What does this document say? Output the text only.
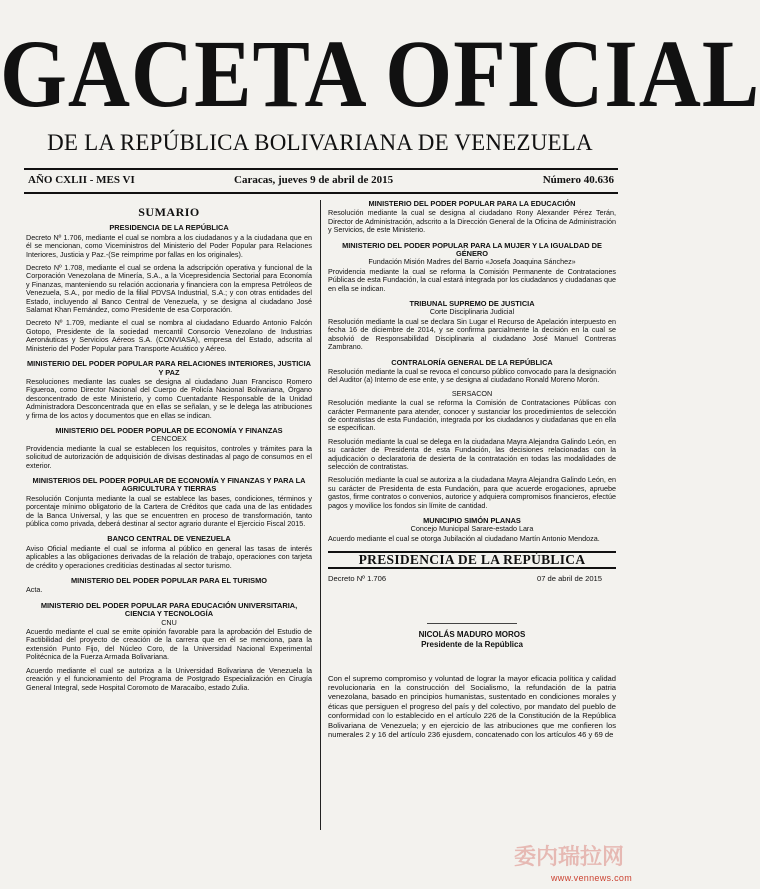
GACETA OFICIAL
DE LA REPÚBLICA BOLIVARIANA DE VENEZUELA
AÑO CXLII - MES VI	Caracas, jueves 9 de abril de 2015	Número 40.636
SUMARIO
PRESIDENCIA DE LA REPÚBLICA
Decreto Nº 1.706, mediante el cual se nombra a los ciudadanos y a la ciudadana que en él se mencionan, como Viceministros del Ministerio del Poder Popular para Relaciones Interiores, Justicia y Paz.-(Se reimprime por fallas en los originales).
Decreto Nº 1.708, mediante el cual se ordena la adscripción operativa y funcional de la Corporación Venezolana de Minería, S.A., a la Vicepresidencia Sectorial para Economía y Finanzas, manteniendo su relación accionaria y financiera con la empresa Petróleos de Venezuela, S.A., por medio de la filial PDVSA Industrial, S.A.; y con otras entidades del Estado, incluyendo al Banco Central de Venezuela, y se designa al ciudadano José Salamat Khan Fernández, como Presidente de esa Corporación.
Decreto Nº 1.709, mediante el cual se nombra al ciudadano Eduardo Antonio Falcón Gotopo, Presidente de la sociedad mercantil Consorcio Venezolano de Industrias Aeronáuticas y Servicios Aéreos S.A. (CONVIASA), empresa del Estado, adscrita al Ministerio del Poder Popular para Transporte Acuático y Aéreo.
MINISTERIO DEL PODER POPULAR PARA RELACIONES INTERIORES, JUSTICIA Y PAZ
Resoluciones mediante las cuales se designa al ciudadano Juan Francisco Romero Figueroa, como Director Nacional del Cuerpo de Policía Nacional Bolivariana, Órgano desconcentrado de este Ministerio, y como Cuentadante Responsable de la Unidad Administradora Desconcentrada que en ellas se señalan, y se le delega las atribuciones y firma de los actos y documentos que en ellas se indican.
MINISTERIO DEL PODER POPULAR DE ECONOMÍA Y FINANZAS
CENCOEX
Providencia mediante la cual se establecen los requisitos, controles y trámites para la solicitud de autorización de adquisición de divisas destinadas al pago de consumos en el exterior.
MINISTERIOS DEL PODER POPULAR DE ECONOMÍA Y FINANZAS Y PARA LA AGRICULTURA Y TIERRAS
Resolución Conjunta mediante la cual se establece las bases, condiciones, términos y porcentaje mínimo obligatorio de la Cartera de Créditos que cada una de las entidades de la Banca Universal, y las que se encuentren en proceso de transformación, tanto pública como privada, deberá destinar al sector agrario durante el Ejercicio Fiscal 2015.
BANCO CENTRAL DE VENEZUELA
Aviso Oficial mediante el cual se informa al público en general las tasas de interés aplicables a las obligaciones derivadas de la relación de trabajo, operaciones con tarjeta de crédito y operaciones crediticias destinadas al sector turismo.
MINISTERIO DEL PODER POPULAR PARA EL TURISMO
Acta.
MINISTERIO DEL PODER POPULAR PARA EDUCACIÓN UNIVERSITARIA, CIENCIA Y TECNOLOGÍA
CNU
Acuerdo mediante el cual se emite opinión favorable para la aprobación del Estudio de Factibilidad del proyecto de creación de la carrera que en él se menciona, para la extensión Punto Fijo, del Núcleo Coro, de la Universidad Nacional Experimental Politécnica de la Fuerza Armada Bolivariana.
Acuerdo mediante el cual se autoriza a la Universidad Bolivariana de Venezuela la creación y el funcionamiento del Programa de Postgrado Especialización en Cirugía General Integral, sede Hospital Coromoto de Maracaibo, estado Zulia.
MINISTERIO DEL PODER POPULAR PARA LA EDUCACIÓN
Resolución mediante la cual se designa al ciudadano Rony Alexander Pérez Terán, Director de Administración, adscrito a la Dirección General de la Oficina de Administración y Servicios, de este Ministerio.
MINISTERIO DEL PODER POPULAR PARA LA MUJER Y LA IGUALDAD DE GÉNERO
Fundación Misión Madres del Barrio «Josefa Joaquina Sánchez»
Providencia mediante la cual se reforma la Comisión Permanente de Contrataciones Públicas de esta Fundación, la cual estará integrada por los ciudadanos y ciudadanas que en ella se indican.
TRIBUNAL SUPREMO DE JUSTICIA
Corte Disciplinaria Judicial
Resolución mediante la cual se declara Sin Lugar el Recurso de Apelación interpuesto en fecha 16 de diciembre de 2014, y se confirma parcialmente la decisión en la cual se absolvió de Responsabilidad Disciplinaria al ciudadano José Manuel Contreras Zambrano.
CONTRALORÍA GENERAL DE LA REPÚBLICA
Resolución mediante la cual se revoca el concurso público convocado para la designación del Auditor (a) Interno de ese ente, y se designa al ciudadano Ronald Moreno Morón.
SERSACON
Resolución mediante la cual se reforma la Comisión de Contrataciones Públicas con carácter Permanente para atender, conocer y sustanciar los procedimientos de selección de contratistas de esta Fundación, integrada por los ciudadanos y ciudadanas que en ella se especifican.
Resolución mediante la cual se delega en la ciudadana Mayra Alejandra Galindo León, en su carácter de Presidenta de esta Fundación, las decisiones relacionadas con la adjudicación o declaratoria de desierta de la contratación en todas las modalidades de selección de contratistas.
Resolución mediante la cual se autoriza a la ciudadana Mayra Alejandra Galindo León, en su carácter de Presidenta de esta Fundación, para que acuerde erogaciones, apruebe gastos, firme contratos o convenios, autorice y adquiera compromisos financieros, efectúe pagos y movilice los fondos sin límite de cantidad.
MUNICIPIO SIMÓN PLANAS
Concejo Municipal Sarare-estado Lara
Acuerdo mediante el cual se otorga Jubilación al ciudadano Martín Antonio Mendoza.
PRESIDENCIA DE LA REPÚBLICA
Decreto Nº 1.706	07 de abril de 2015
NICOLÁS MADURO MOROS
Presidente de la República
Con el supremo compromiso y voluntad de lograr la mayor eficacia política y calidad revolucionaria en la construcción del Socialismo, la refundación de la patria venezolana, basado en principios humanistas, sustentado en condiciones morales y éticas que persiguen el progreso del país y del colectivo, por mandato del pueblo de conformidad con lo establecido en el artículo 226 de la Constitución de la República Bolivariana de Venezuela; y en ejercicio de las atribuciones que me confieren los numerales 2 y 16 del artículo 236 ejusdem, concatenado con los artículos 46 y 69 de
委内瑞拉网
www.vennews.com
